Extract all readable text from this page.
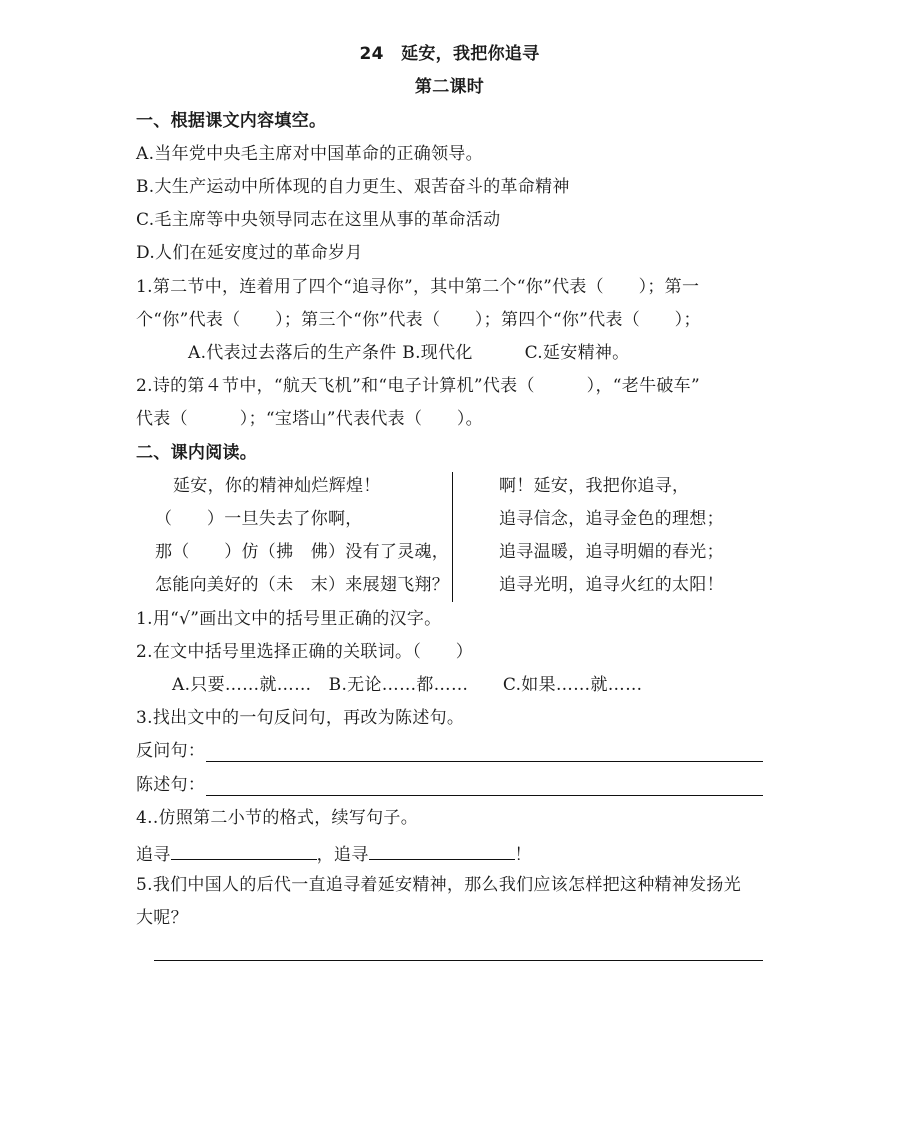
24　延安，我把你追寻
第二课时
一、根据课文内容填空。
A.当年党中央毛主席对中国革命的正确领导。
B.大生产运动中所体现的自力更生、艰苦奋斗的革命精神
C.毛主席等中央领导同志在这里从事的革命活动
D.人们在延安度过的革命岁月
1.第二节中，连着用了四个“追寻你”，其中第二个“你”代表（　　）；第一
个“你”代表（　　）；第三个“你”代表（　　）；第四个“你”代表（　　）；
A.代表过去落后的生产条件 B.现代化　　　C.延安精神。
2.诗的第４节中，“航天飞机”和“电子计算机”代表（　　　），“老牛破车”
代表（　　　）；“宝塔山”代表代表（　　）。
二、课内阅读。
延安，你的精神灿烂辉煌！
（　　）一旦失去了你啊，
那（　　）仿（拂　佛）没有了灵魂，
怎能向美好的（未　末）来展翅飞翔？
啊！延安，我把你追寻，
追寻信念，追寻金色的理想；
追寻温暖，追寻明媚的春光；
追寻光明，追寻火红的太阳！
1.用“√”画出文中的括号里正确的汉字。
2.在文中括号里选择正确的关联词。（　　）
A.只要……就……　B.无论……都……　　C.如果……就……
3.找出文中的一句反问句，再改为陈述句。
反问句：
陈述句：
4..仿照第二小节的格式，续写句子。
追寻	，追寻	！
5.我们中国人的后代一直追寻着延安精神，那么我们应该怎样把这种精神发扬光
大呢？
